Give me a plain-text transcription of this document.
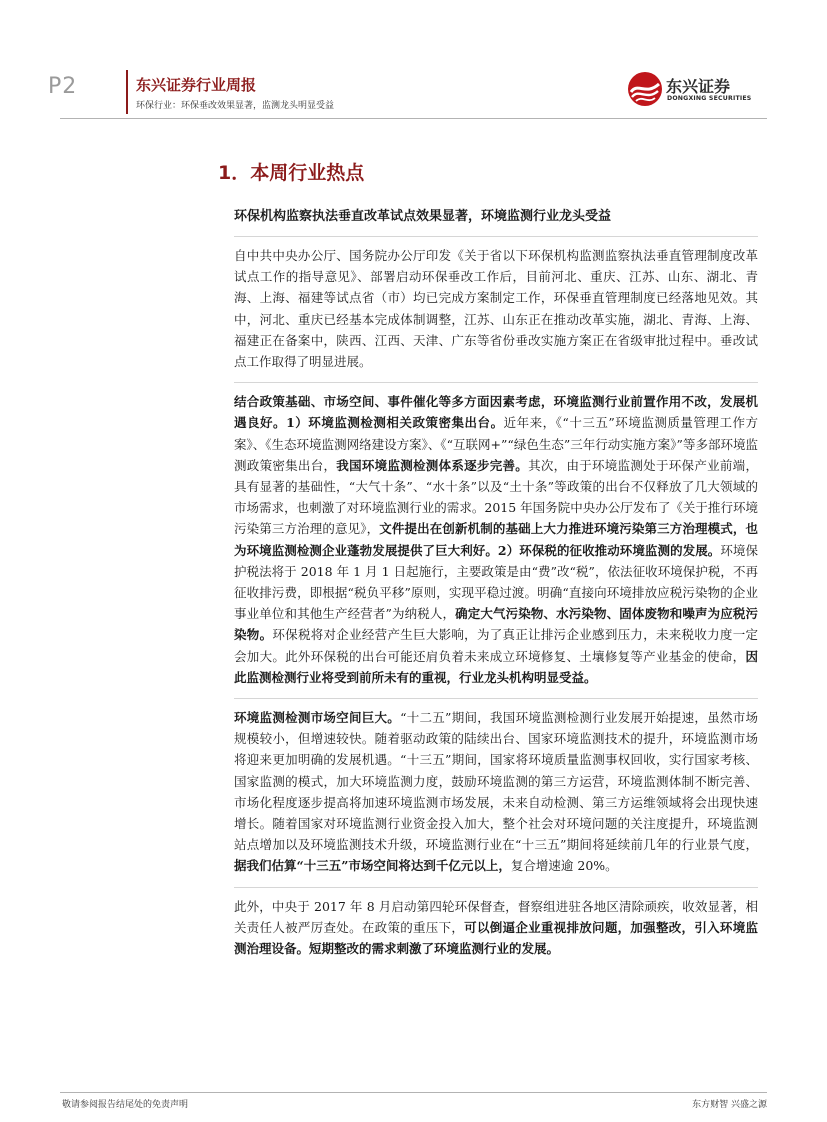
P2	东兴证券行业周报
环保行业：环保垂改效果显著，监测龙头明显受益
东兴证券
DONGXING SECURITIES
1．本周行业热点
环保机构监察执法垂直改革试点效果显著，环境监测行业龙头受益

自中共中央办公厅、国务院办公厅印发《关于省以下环保机构监测监察执法垂直管理制度改革试点工作的指导意见》、部署启动环保垂改工作后，目前河北、重庆、江苏、山东、湖北、青海、上海、福建等试点省（市）均已完成方案制定工作，环保垂直管理制度已经落地见效。其中，河北、重庆已经基本完成体制调整，江苏、山东正在推动改革实施，湖北、青海、上海、福建正在备案中，陕西、江西、天津、广东等省份垂改实施方案正在省级审批过程中。垂改试点工作取得了明显进展。

结合政策基础、市场空间、事件催化等多方面因素考虑，环境监测行业前置作用不改，发展机遇良好。1）环境监测检测相关政策密集出台。近年来，《“十三五”环境监测质量管理工作方案》、《生态环境监测网络建设方案》、《“互联网+”“绿色生态”三年行动实施方案》”等多部环境监测政策密集出台，我国环境监测检测体系逐步完善。其次，由于环境监测处于环保产业前端，具有显著的基础性，“大气十条”、“水十条”以及“土十条”等政策的出台不仅释放了几大领域的市场需求，也刺激了对环境监测行业的需求。2015 年国务院中央办公厅发布了《关于推行环境污染第三方治理的意见》，文件提出在创新机制的基础上大力推进环境污染第三方治理模式，也为环境监测检测企业蓬勃发展提供了巨大利好。2）环保税的征收推动环境监测的发展。环境保护税法将于 2018 年 1 月 1 日起施行，主要政策是由“费”改“税”，依法征收环境保护税，不再征收排污费，即根据“税负平移”原则，实现平稳过渡。明确“直接向环境排放应税污染物的企业事业单位和其他生产经营者”为纳税人，确定大气污染物、水污染物、固体废物和噪声为应税污染物。环保税将对企业经营产生巨大影响，为了真正让排污企业感到压力，未来税收力度一定会加大。此外环保税的出台可能还肩负着未来成立环境修复、土壤修复等产业基金的使命，因此监测检测行业将受到前所未有的重视，行业龙头机构明显受益。

环境监测检测市场空间巨大。“十二五”期间，我国环境监测检测行业发展开始提速，虽然市场规模较小，但增速较快。随着驱动政策的陆续出台、国家环境监测技术的提升，环境监测市场将迎来更加明确的发展机遇。“十三五”期间，国家将环境质量监测事权回收，实行国家考核、国家监测的模式，加大环境监测力度，鼓励环境监测的第三方运营，环境监测体制不断完善、市场化程度逐步提高将加速环境监测市场发展，未来自动检测、第三方运维领域将会出现快速增长。随着国家对环境监测行业资金投入加大，整个社会对环境问题的关注度提升，环境监测站点增加以及环境监测技术升级，环境监测行业在“十三五”期间将延续前几年的行业景气度，据我们估算“十三五”市场空间将达到千亿元以上，复合增速逾 20%。

此外，中央于 2017 年 8 月启动第四轮环保督查，督察组进驻各地区清除顽疾，收效显著，相关责任人被严厉查处。在政策的重压下，可以倒逼企业重视排放问题，加强整改，引入环境监测治理设备。短期整改的需求刺激了环境监测行业的发展。

敬请参阅报告结尾处的免责声明	东方财智 兴盛之源
